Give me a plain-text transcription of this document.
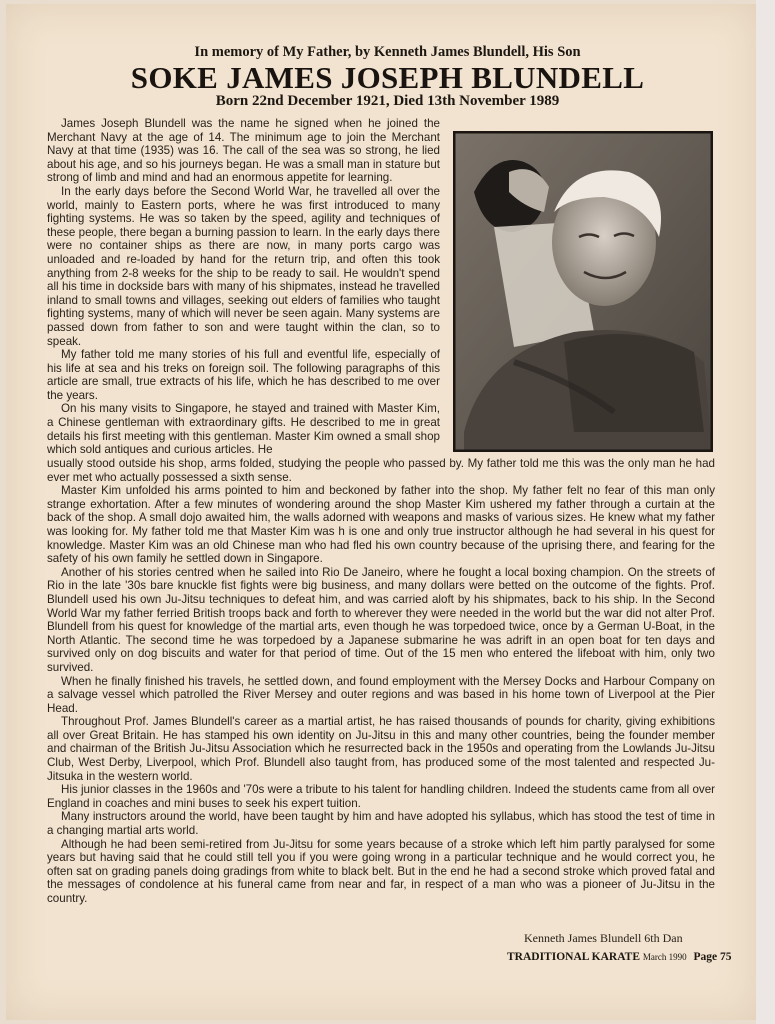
In memory of My Father, by Kenneth James Blundell, His Son
SOKE JAMES JOSEPH BLUNDELL
Born 22nd December 1921, Died 13th November 1989

James Joseph Blundell was the name he signed when he joined the Merchant Navy at the age of 14. The minimum age to join the Merchant Navy at that time (1935) was 16. The call of the sea was so strong, he lied about his age, and so his journeys began. He was a small man in stature but strong of limb and mind and had an enormous appetite for learning.

In the early days before the Second World War, he travelled all over the world, mainly to Eastern ports, where he was first introduced to many fighting systems. He was so taken by the speed, agility and techniques of these people, there began a burning passion to learn. In the early days there were no container ships as there are now, in many ports cargo was unloaded and re-loaded by hand for the return trip, and often this took anything from 2-8 weeks for the ship to be ready to sail. He wouldn't spend all his time in dockside bars with many of his shipmates, instead he travelled inland to small towns and villages, seeking out elders of families who taught fighting systems, many of which will never be seen again. Many systems are passed down from father to son and were taught within the clan, so to speak.

My father told me many stories of his full and eventful life, especially of his life at sea and his treks on foreign soil. The following paragraphs of this article are small, true extracts of his life, which he has described to me over the years.

On his many visits to Singapore, he stayed and trained with Master Kim, a Chinese gentleman with extraordinary gifts. He described to me in great details his first meeting with this gentleman. Master Kim owned a small shop which sold antiques and curious articles. He

usually stood outside his shop, arms folded, studying the people who passed by. My father told me this was the only man he had ever met who actually possessed a sixth sense.

Master Kim unfolded his arms pointed to him and beckoned by father into the shop. My father felt no fear of this man only strange exhortation. After a few minutes of wondering around the shop Master Kim ushered my father through a curtain at the back of the shop. A small dojo awaited him, the walls adorned with weapons and masks of various sizes. He knew what my father was looking for. My father told me that Master Kim was h is one and only true instructor although he had several in his quest for knowledge. Master Kim was an old Chinese man who had fled his own country because of the uprising there, and fearing for the safety of his own family he settled down in Singapore.

Another of his stories centred when he sailed into Rio De Janeiro, where he fought a local boxing champion. On the streets of Rio in the late '30s bare knuckle fist fights were big business, and many dollars were betted on the outcome of the fights. Prof. Blundell used his own Ju-Jitsu techniques to defeat him, and was carried aloft by his shipmates, back to his ship. In the Second World War my father ferried British troops back and forth to wherever they were needed in the world but the war did not alter Prof. Blundell from his quest for knowledge of the martial arts, even though he was torpedoed twice, once by a German U-Boat, in the North Atlantic. The second time he was torpedoed by a Japanese submarine he was adrift in an open boat for ten days and survived only on dog biscuits and water for that period of time. Out of the 15 men who entered the lifeboat with him, only two survived.

When he finally finished his travels, he settled down, and found employment with the Mersey Docks and Harbour Company on a salvage vessel which patrolled the River Mersey and outer regions and was based in his home town of Liverpool at the Pier Head.

Throughout Prof. James Blundell's career as a martial artist, he has raised thousands of pounds for charity, giving exhibitions all over Great Britain. He has stamped his own identity on Ju-Jitsu in this and many other countries, being the founder member and chairman of the British Ju-Jitsu Association which he resurrected back in the 1950s and operating from the Lowlands Ju-Jitsu Club, West Derby, Liverpool, which Prof. Blundell also taught from, has produced some of the most talented and respected Ju-Jitsuka in the western world.

His junior classes in the 1960s and '70s were a tribute to his talent for handling children. Indeed the students came from all over England in coaches and mini buses to seek his expert tuition.

Many instructors around the world, have been taught by him and have adopted his syllabus, which has stood the test of time in a changing martial arts world.

Although he had been semi-retired from Ju-Jitsu for some years because of a stroke which left him partly paralysed for some years but having said that he could still tell you if you were going wrong in a particular technique and he would correct you, he often sat on grading panels doing gradings from white to black belt. But in the end he had a second stroke which proved fatal and the messages of condolence at his funeral came from near and far, in respect of a man who was a pioneer of Ju-Jitsu in the country.

Kenneth James Blundell 6th Dan
TRADITIONAL KARATE March 1990 Page 75
